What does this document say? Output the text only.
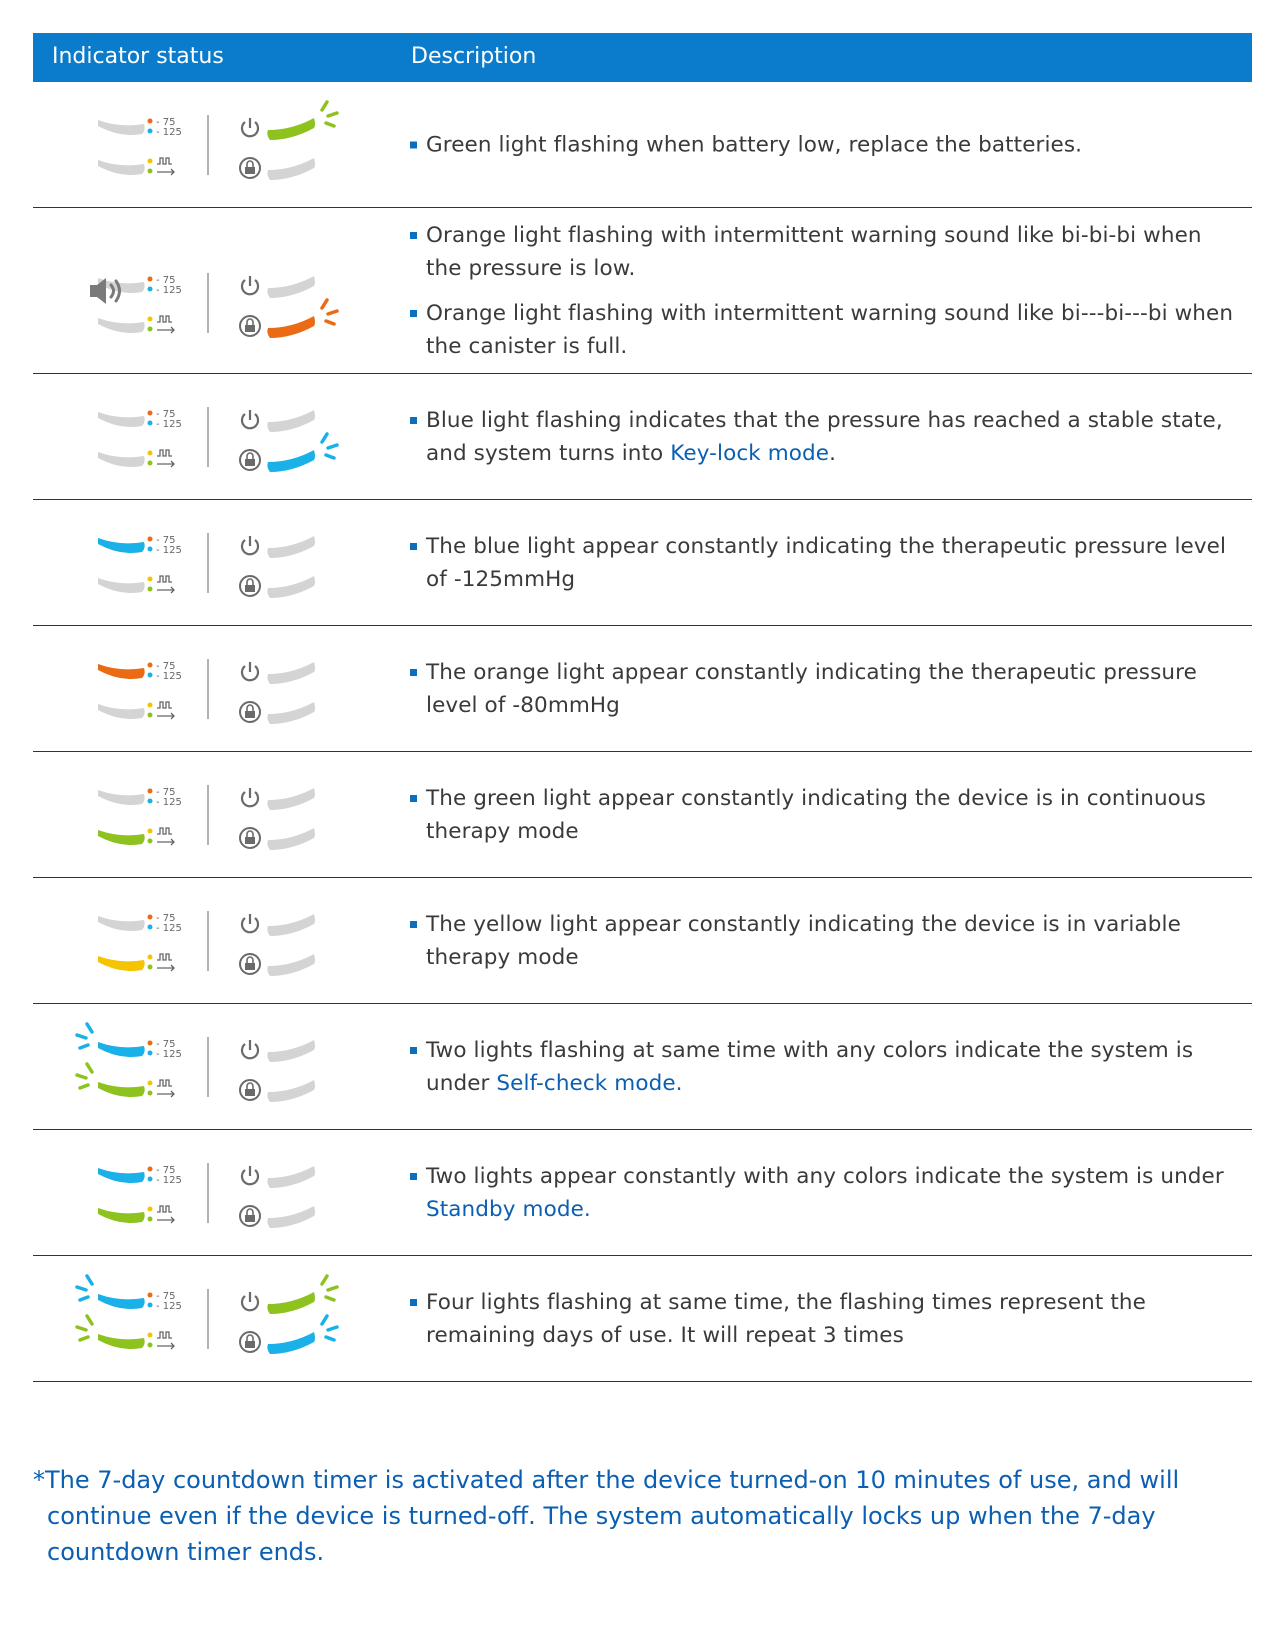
Indicator status	Description
- 75
- 125	Green light flashing when battery low, replace the batteries.
- 75
- 125
Orange light flashing with intermittent warning sound like bi-bi-bi when the pressure is low.
Orange light flashing with intermittent warning sound like bi---bi---bi when the canister is full.
- 75
- 125	Blue light flashing indicates that the pressure has reached a stable state, and system turns into Key-lock mode.
- 75
- 125	The blue light appear constantly indicating the therapeutic pressure level of -125mmHg
- 75
- 125	The orange light appear constantly indicating the therapeutic pressure level of -80mmHg
- 75
- 125	The green light appear constantly indicating the device is in continuous therapy mode
- 75
- 125	The yellow light appear constantly indicating the device is in variable therapy mode
- 75
- 125	Two lights flashing at same time with any colors indicate the system is under Self-check mode.
- 75
- 125	Two lights appear constantly with any colors indicate the system is under Standby mode.
- 75
- 125	Four lights flashing at same time, the flashing times represent the remaining days of use. It will repeat 3 times
*The 7-day countdown timer is activated after the device turned-on 10 minutes of use, and will
continue even if the device is turned-off. The system automatically locks up when the 7-day
countdown timer ends.
